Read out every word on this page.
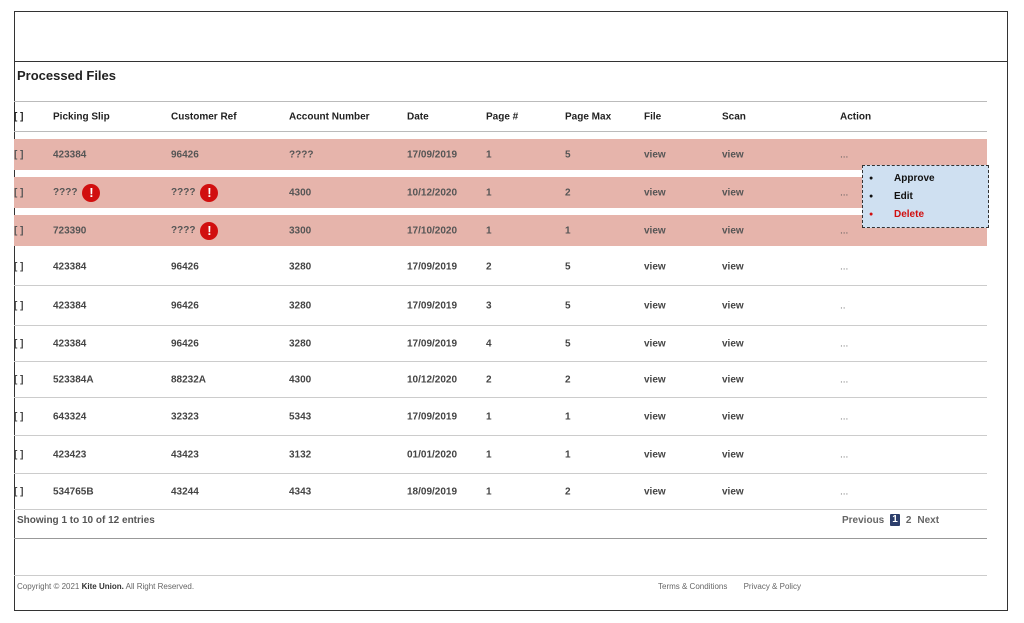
Processed Files
[ ]	Picking Slip	Customer Ref	Account Number	Date	Page #	Page Max	File	Scan	Action
[ ]	423384	96426	????	17/09/2019	1	5	view	view	...
[ ]	???? !	???? !	4300	10/12/2020	1	2	view	view	...
[ ]	723390	???? !	3300	17/10/2020	1	1	view	view	...
[ ]	423384	96426	3280	17/09/2019	2	5	view	view	...
[ ]	423384	96426	3280	17/09/2019	3	5	view	view	..
[ ]	423384	96426	3280	17/09/2019	4	5	view	view	...
[ ]	523384A	88232A	4300	10/12/2020	2	2	view	view	...
[ ]	643324	32323	5343	17/09/2019	1	1	view	view	...
[ ]	423423	43423	3132	01/01/2020	1	1	view	view	...
[ ]	534765B	43244	4343	18/09/2019	1	2	view	view	...
● Approve
● Edit
● Delete
Showing 1 to 10 of 12 entries	Previous 1 2 Next
Copyright © 2021 Kite Union. All Right Reserved.	Terms & Conditions Privacy & Policy
